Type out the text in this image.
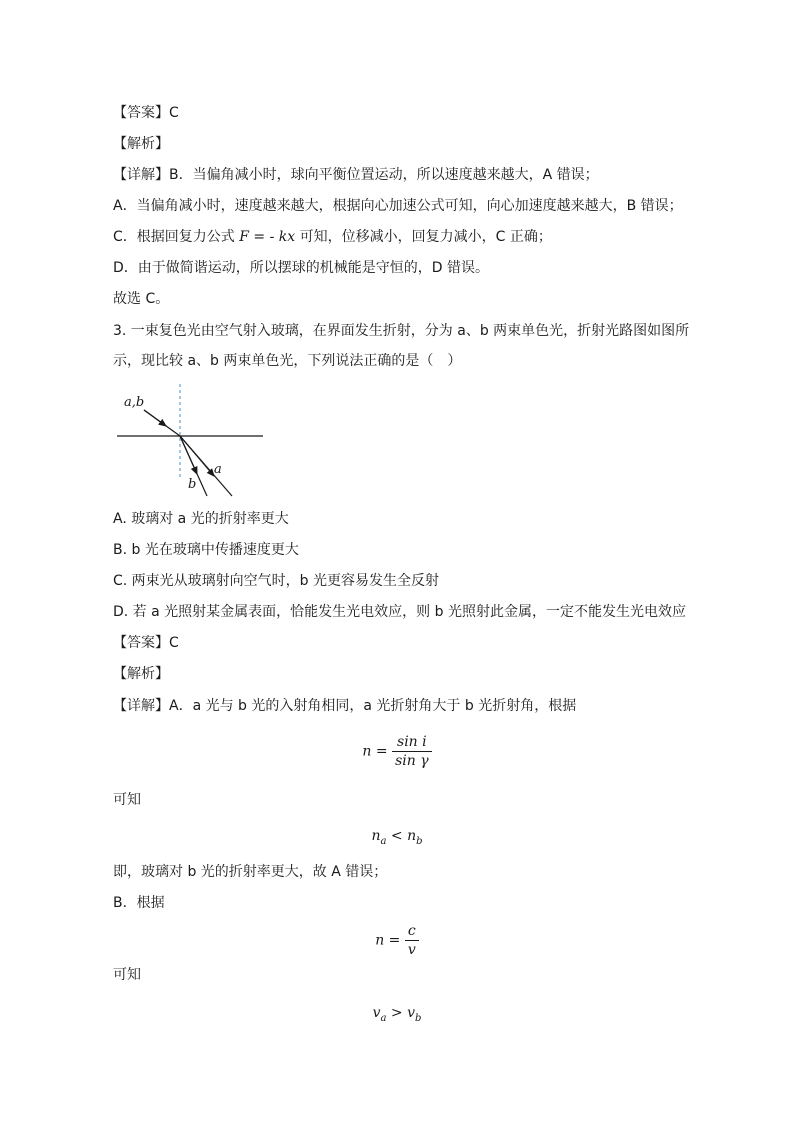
【答案】C
【解析】
【详解】B．当偏角减小时，球向平衡位置运动，所以速度越来越大，A 错误；
A．当偏角减小时，速度越来越大，根据向心加速公式可知，向心加速度越来越大，B 错误；
C．根据回复力公式 F = - kx 可知，位移减小，回复力减小，C 正确；
D．由于做简谐运动，所以摆球的机械能是守恒的，D 错误。
故选 C。
3. 一束复色光由空气射入玻璃，在界面发生折射，分为 a、b 两束单色光，折射光路图如图所
示，现比较 a、b 两束单色光，下列说法正确的是（　）
a,b
a
b
A. 玻璃对 a 光的折射率更大
B. b 光在玻璃中传播速度更大
C. 两束光从玻璃射向空气时，b 光更容易发生全反射
D. 若 a 光照射某金属表面，恰能发生光电效应，则 b 光照射此金属，一定不能发生光电效应
【答案】C
【解析】
【详解】A．a 光与 b 光的入射角相同，a 光折射角大于 b 光折射角，根据
$n = \frac{\text{sin i}}{\text{sin γ}}$
可知
$n_a < n_b$
即，玻璃对 b 光的折射率更大，故 A 错误；
B．根据
$n = \frac{c}{v}$
可知
$v_a > v_b$
